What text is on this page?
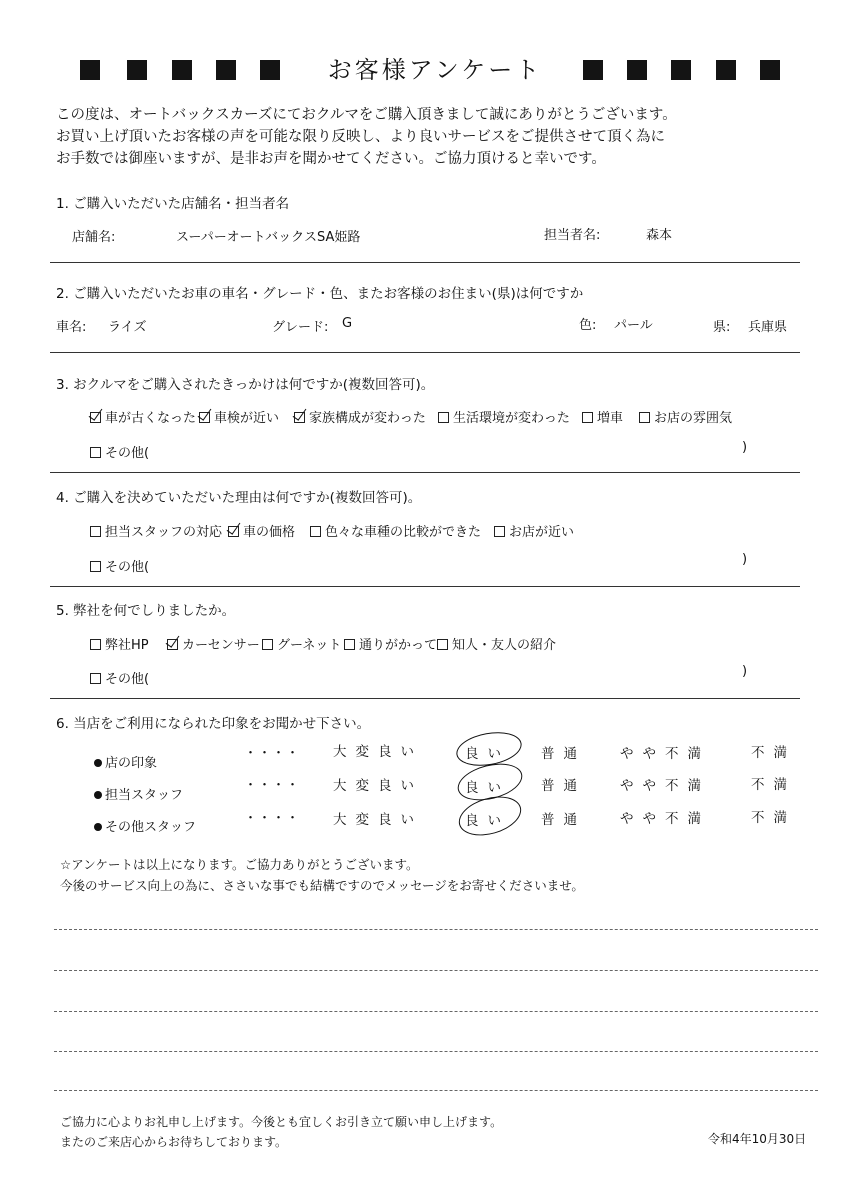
お客様アンケート
この度は、オートバックスカーズにておクルマをご購入頂きまして誠にありがとうございます。
お買い上げ頂いたお客様の声を可能な限り反映し、より良いサービスをご提供させて頂く為に
お手数では御座いますが、是非お声を聞かせてください。ご協力頂けると幸いです。
1. ご購入いただいた店舗名・担当者名
店舗名:	スーパーオートバックスSA姫路	担当者名:	森本
2. ご購入いただいたお車の車名・グレード・色、またお客様のお住まい(県)は何ですか
車名: ライズ	グレード: G	色: パール	県: 兵庫県
3. おクルマをご購入されたきっかけは何ですか(複数回答可)。
車が古くなった	車検が近い	家族構成が変わった	生活環境が変わった	増車	お店の雰囲気
その他(	)
4. ご購入を決めていただいた理由は何ですか(複数回答可)。
担当スタッフの対応	車の価格	色々な車種の比較ができた	お店が近い
その他(
)
5. 弊社を何でしりましたか。
弊社HP	カーセンサー	グーネット	通りがかって	知人・友人の紹介
その他(
)
6. 当店をご利用になられた印象をお聞かせ下さい。
店の印象
・・・・ 大変良い	良い 普通	やや不満	不満
担当スタッフ
・・・・ 大変良い	良い 普通	やや不満	不満
その他スタッフ
・・・・ 大変良い	良い 普通	やや不満	不満
☆アンケートは以上になります。ご協力ありがとうございます。
今後のサービス向上の為に、ささいな事でも結構ですのでメッセージをお寄せくださいませ。
ご協力に心よりお礼申し上げます。今後とも宜しくお引き立て願い申し上げます。
またのご来店心からお待ちしております。	令和4年10月30日
